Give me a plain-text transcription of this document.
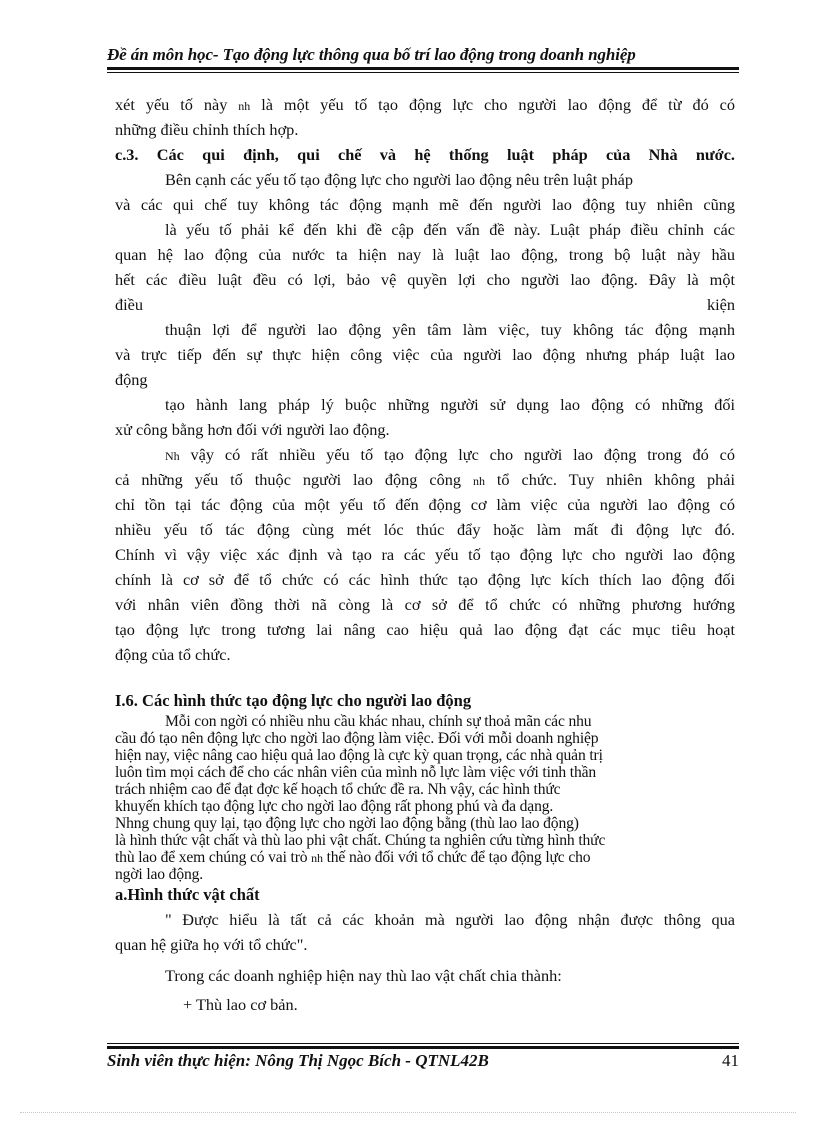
Đề án môn học- Tạo động lực thông qua bố trí lao động trong doanh nghiệp
xét yếu tố này nh là một yếu tố tạo động lực cho người lao động để từ đó có
những điều chỉnh thích hợp.
c.3. Các qui định, qui chế và hệ thống luật pháp của Nhà nước.
Bên cạnh các yếu tố tạo động lực cho người lao động nêu trên luật pháp
và các qui chế tuy không tác động mạnh mẽ đến người lao động tuy nhiên cũng
là yếu tố phải kể đến khi đề cập đến vấn đề này. Luật pháp điều chỉnh các
quan hệ lao động của nước ta hiện nay là luật lao động, trong bộ luật này hầu
hết các điều luật đều có lợi, bảo vệ quyền lợi cho người lao động. Đây là một
điều	kiện
thuận lợi để người lao động yên tâm làm việc, tuy không tác động mạnh
và trực tiếp đến sự thực hiện công việc của người lao động nhưng pháp luật lao
động
tạo hành lang pháp lý buộc những người sử dụng lao động có những đối
xử công bằng hơn đối với người lao động.
Nh vậy có rất nhiều yếu tố tạo động lực cho người lao động trong đó có
cả những yếu tố thuộc người lao động công nh tổ chức. Tuy nhiên không phải
chỉ tồn tại tác động của một yếu tố đến động cơ làm việc của người lao động có
nhiều yếu tố tác động cùng mét lóc thúc đẩy hoặc làm mất đi động lực đó.
Chính vì vậy việc xác định và tạo ra các yếu tố tạo động lực cho người lao động
chính là cơ sở để tổ chức có các hình thức tạo động lực kích thích lao động đối
với nhân viên đồng thời nã còng là cơ sở để tổ chức có những phương hướng
tạo động lực trong tương lai nâng cao hiệu quả lao động đạt các mục tiêu hoạt
động của tổ chức.
I.6. Các hình thức tạo động lực cho người lao động
Mỗi con ngời có nhiều nhu cầu khác nhau, chính sự thoả mãn các nhu
cầu đó tạo nên động lực cho ngời lao động làm việc. Đối với mỗi doanh nghiệp
hiện nay, việc nâng cao hiệu quả lao động là cực kỳ quan trọng, các nhà quản trị
luôn tìm mọi cách để cho các nhân viên của mình nỗ lực làm việc với tinh thần
trách nhiệm cao để đạt đợc kế hoạch tổ chức đề ra. Nh vậy, các hình thức
khuyến khích tạo động lực cho ngời lao động rất phong phú và đa dạng.
Nhng chung quy lại, tạo động lực cho ngời lao động bằng (thù lao lao động)
là hình thức vật chất và thù lao phi vật chất. Chúng ta nghiên cứu từng hình thức
thù lao để xem chúng có vai trò nh thế nào đối với tổ chức để tạo động lực cho
ngời lao động.
a.Hình thức vật chất
" Được hiểu là tất cả các khoản mà người lao động nhận được thông qua
quan hệ giữa họ với tổ chức".
Trong các doanh nghiệp hiện nay thù lao vật chất chia thành:
+ Thù lao cơ bản.
Sinh viên thực hiện: Nông Thị Ngọc Bích - QTNL42B	41
